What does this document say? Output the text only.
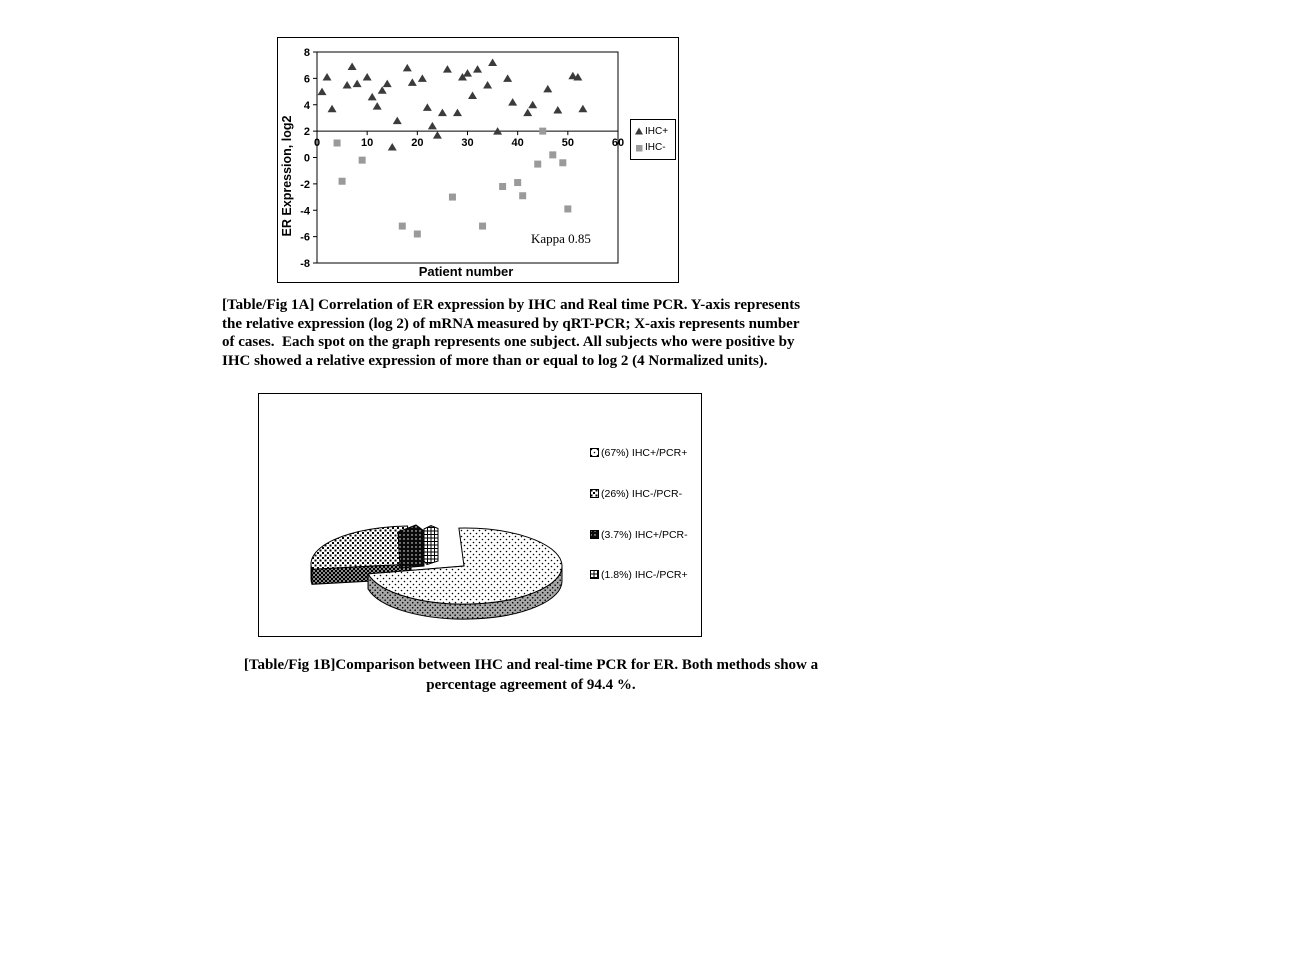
0	10	20	30	40	50	60
8
6
4
2
0
-2
-4
-6
-8
ER Expression, log2
Patient number
Kappa 0.85
IHC+
IHC-
[Table/Fig 1A] Correlation of ER expression by IHC and Real time PCR. Y-axis represents
the relative expression (log 2) of mRNA measured by qRT-PCR; X-axis represents number
of cases.  Each spot on the graph represents one subject. All subjects who were positive by
IHC showed a relative expression of more than or equal to log 2 (4 Normalized units).
(67%) IHC+/PCR+
(26%) IHC-/PCR-
(3.7%) IHC+/PCR-
(1.8%) IHC-/PCR+
[Table/Fig 1B]Comparison between IHC and real-time PCR for ER. Both methods show a
percentage agreement of 94.4 %.
